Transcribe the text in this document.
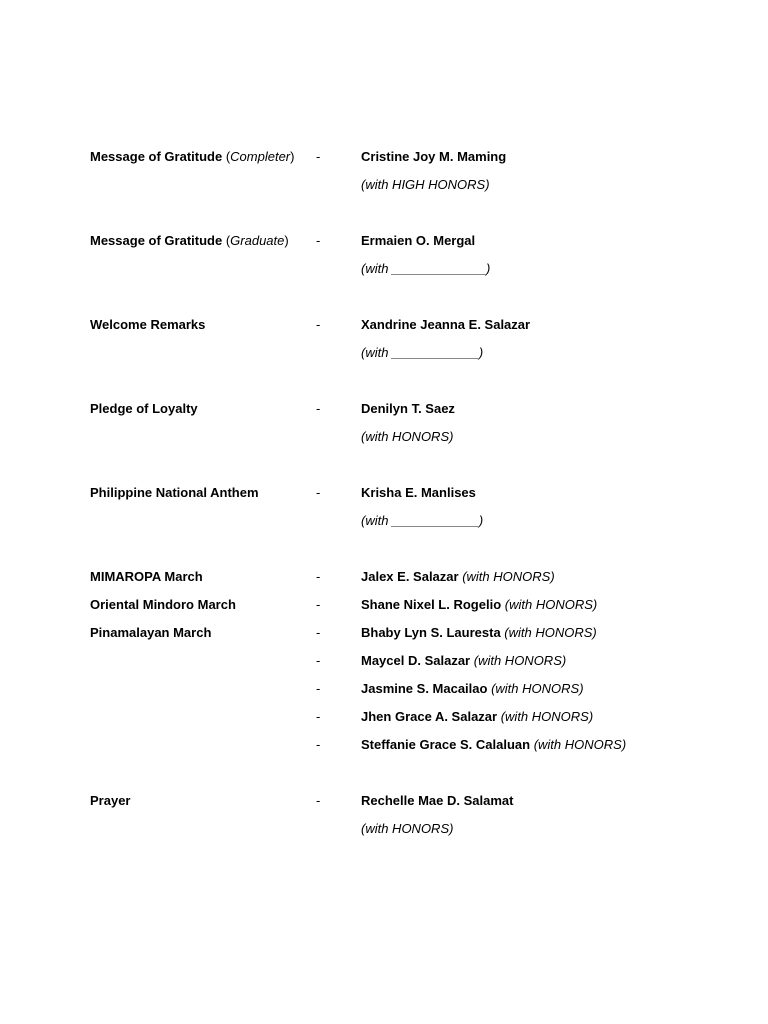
Message of Gratitude (Completer) -	Cristine Joy M. Maming
(with HIGH HONORS)
Message of Gratitude (Graduate) -	Ermaien O. Mergal
(with _____________)
Welcome Remarks	-	Xandrine Jeanna E. Salazar
(with ____________)
Pledge of Loyalty	-	Denilyn T. Saez
(with HONORS)
Philippine National Anthem	-	Krisha E. Manlises
(with ____________)
MIMAROPA March	-	Jalex E. Salazar (with HONORS)
Oriental Mindoro March	-	Shane Nixel L. Rogelio (with HONORS)
Pinamalayan March	-	Bhaby Lyn S. Lauresta (with HONORS)
-	Maycel D. Salazar (with HONORS)
-	Jasmine S. Macailao (with HONORS)
-	Jhen Grace A. Salazar (with HONORS)
-	Steffanie Grace S. Calaluan (with HONORS)
Prayer	-	Rechelle Mae D. Salamat
(with HONORS)
